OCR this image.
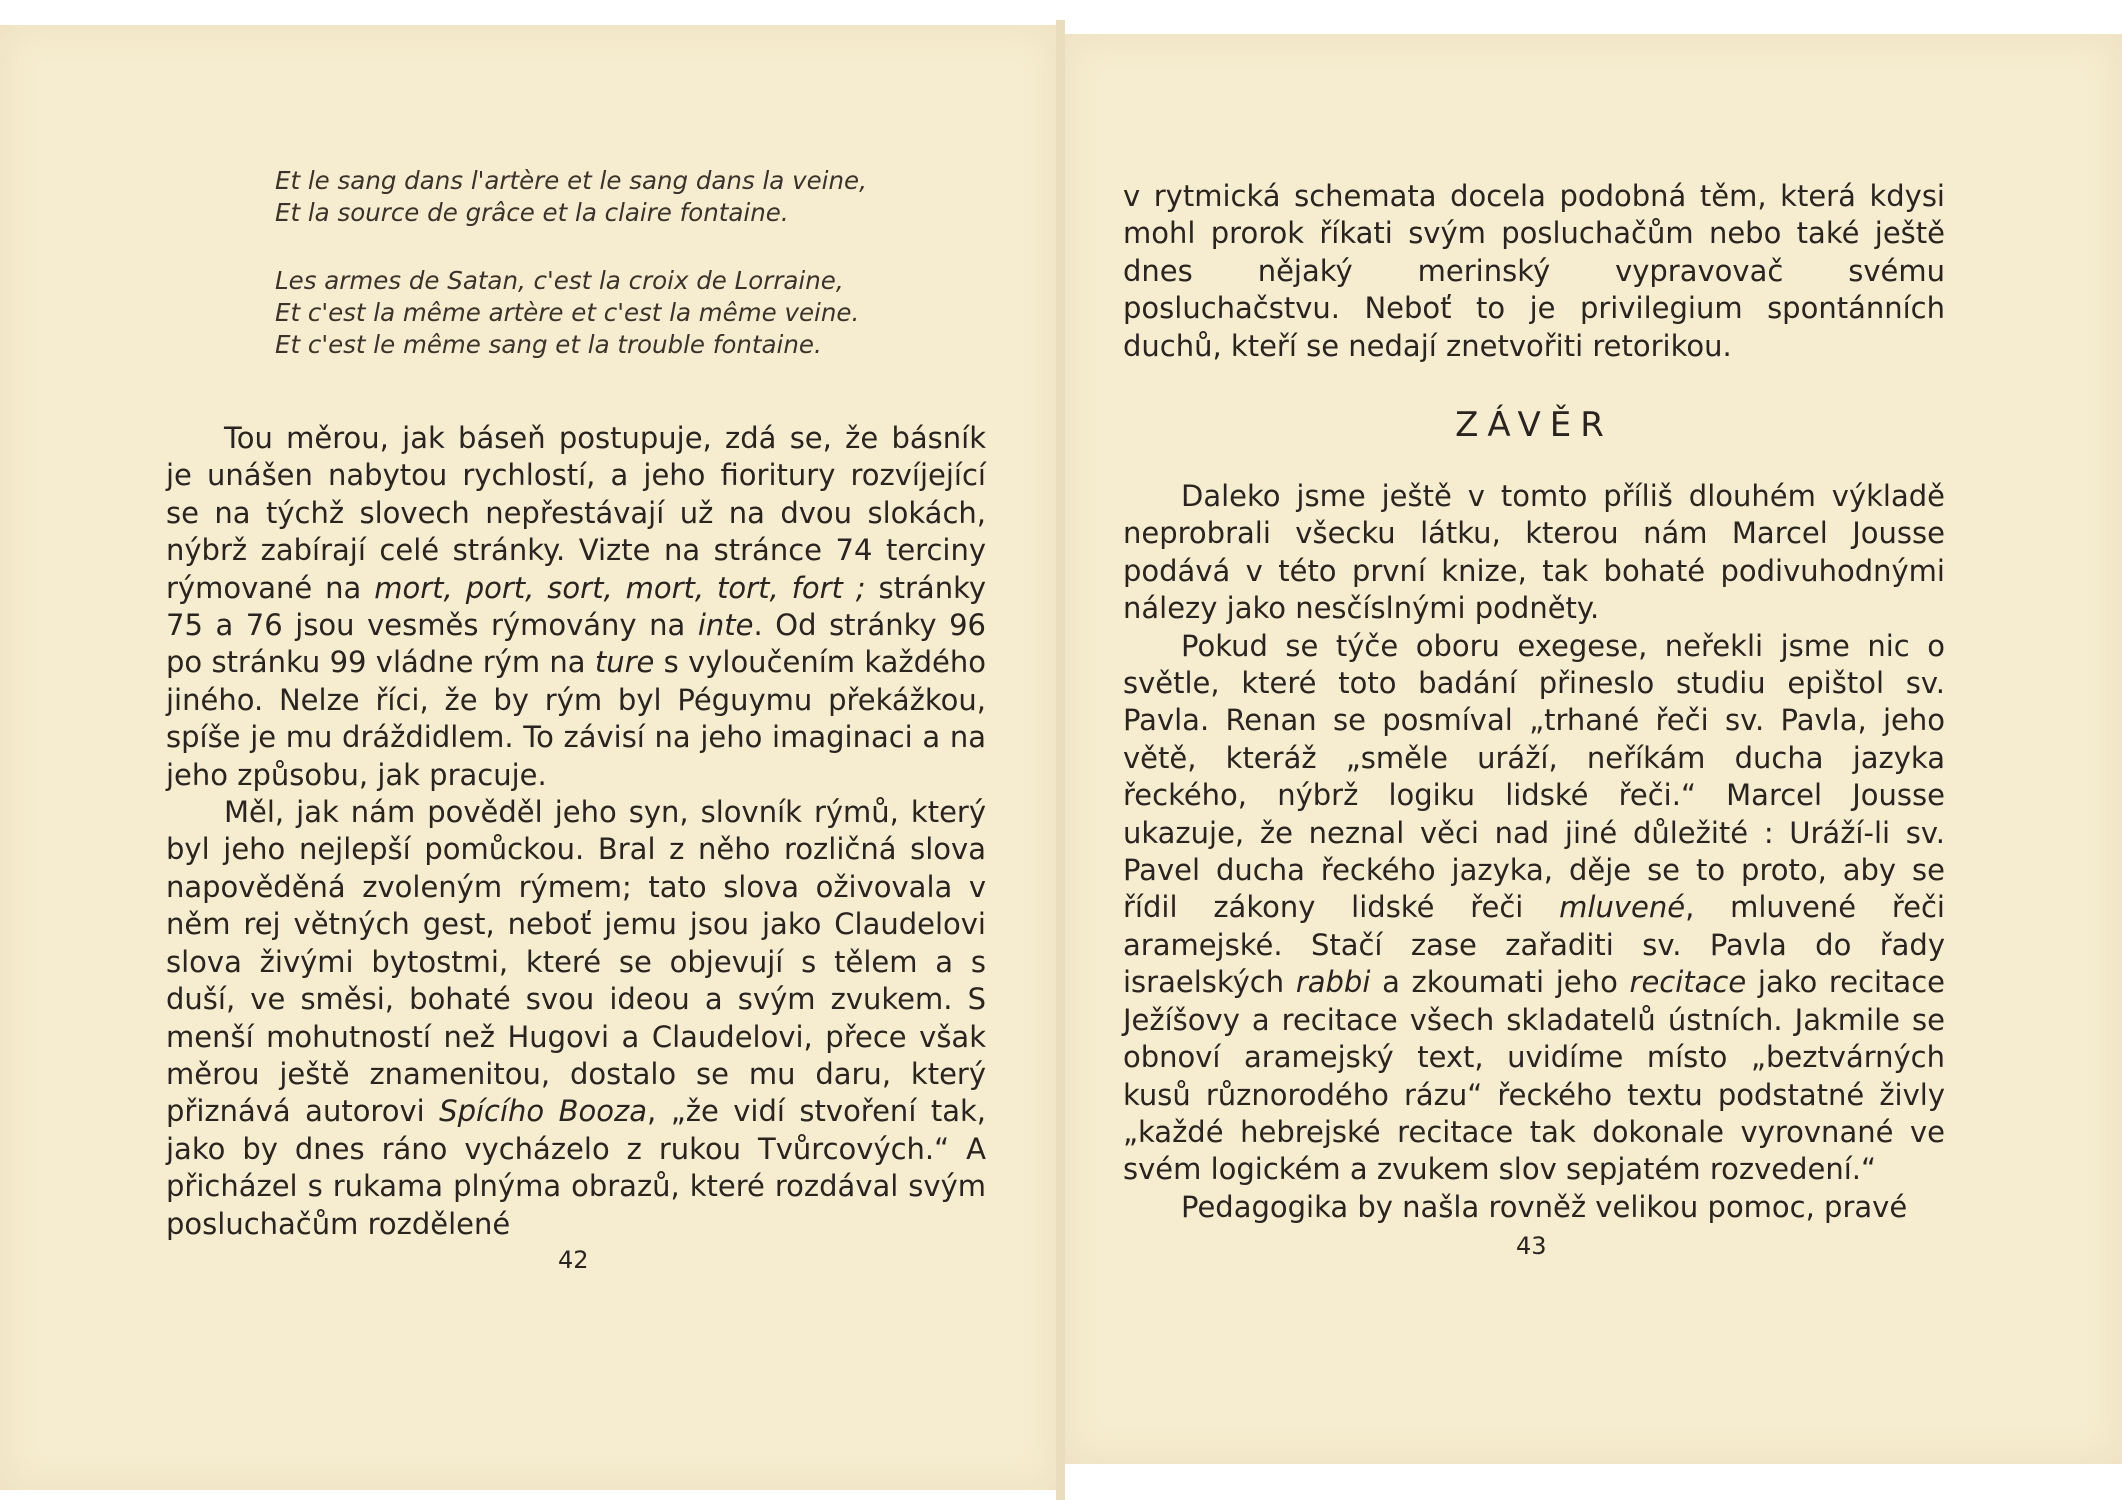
Et le sang dans l'artère et le sang dans la veine,
Et la source de grâce et la claire fontaine.
Les armes de Satan, c'est la croix de Lorraine,
Et c'est la même artère et c'est la même veine.
Et c'est le même sang et la trouble fontaine.

Tou měrou, jak báseň postupuje, zdá se, že básník je unášen nabytou rychlostí, a jeho fioritury rozvíjející se na týchž slovech nepřestávají už na dvou slokách, nýbrž zabírají celé stránky. Vizte na stránce 74 terciny rýmované na mort, port, sort, mort, tort, fort ; stránky 75 a 76 jsou vesměs rýmovány na inte. Od stránky 96 po stránku 99 vládne rým na ture s vyloučením každého jiného. Nelze říci, že by rým byl Péguymu překážkou, spíše je mu dráždidlem. To závisí na jeho imaginaci a na jeho způsobu, jak pracuje.

Měl, jak nám pověděl jeho syn, slovník rýmů, který byl jeho nejlepší pomůckou. Bral z něho rozličná slova napověděná zvoleným rýmem; tato slova oživovala v něm rej větných gest, neboť jemu jsou jako Claudelovi slova živými bytostmi, které se objevují s tělem a s duší, ve směsi, bohaté svou ideou a svým zvukem. S menší mohutností než Hugovi a Claudelovi, přece však měrou ještě znamenitou, dostalo se mu daru, který přiznává autorovi Spícího Booza, „že vidí stvoření tak, jako by dnes ráno vycházelo z rukou Tvůrcových.“ A přicházel s rukama plnýma obrazů, které rozdával svým posluchačům rozdělené

42

v rytmická schemata docela podobná těm, která kdysi mohl prorok říkati svým posluchačům nebo také ještě dnes nějaký merinský vypravovač svému posluchačstvu. Neboť to je privilegium spontánních duchů, kteří se nedají znetvořiti retorikou.

ZÁVĚR

Daleko jsme ještě v tomto příliš dlouhém výkladě neprobrali všecku látku, kterou nám Marcel Jousse podává v této první knize, tak bohaté podivuhodnými nálezy jako nesčíslnými podněty.

Pokud se týče oboru exegese, neřekli jsme nic o světle, které toto badání přineslo studiu epištol sv. Pavla. Renan se posmíval „trhané řeči sv. Pavla, jeho větě, kteráž „směle uráží, neříkám ducha jazyka řeckého, nýbrž logiku lidské řeči.“ Marcel Jousse ukazuje, že neznal věci nad jiné důležité : Uráží-li sv. Pavel ducha řeckého jazyka, děje se to proto, aby se řídil zákony lidské řeči mluvené, mluvené řeči aramejské. Stačí zase zařaditi sv. Pavla do řady israelských rabbi a zkoumati jeho recitace jako recitace Ježíšovy a recitace všech skladatelů ústních. Jakmile se obnoví aramejský text, uvidíme místo „beztvárných kusů různorodého rázu“ řeckého textu podstatné živly „každé hebrejské recitace tak dokonale vyrovnané ve svém logickém a zvukem slov sepjatém rozvedení.“

Pedagogika by našla rovněž velikou pomoc, pravé

43
